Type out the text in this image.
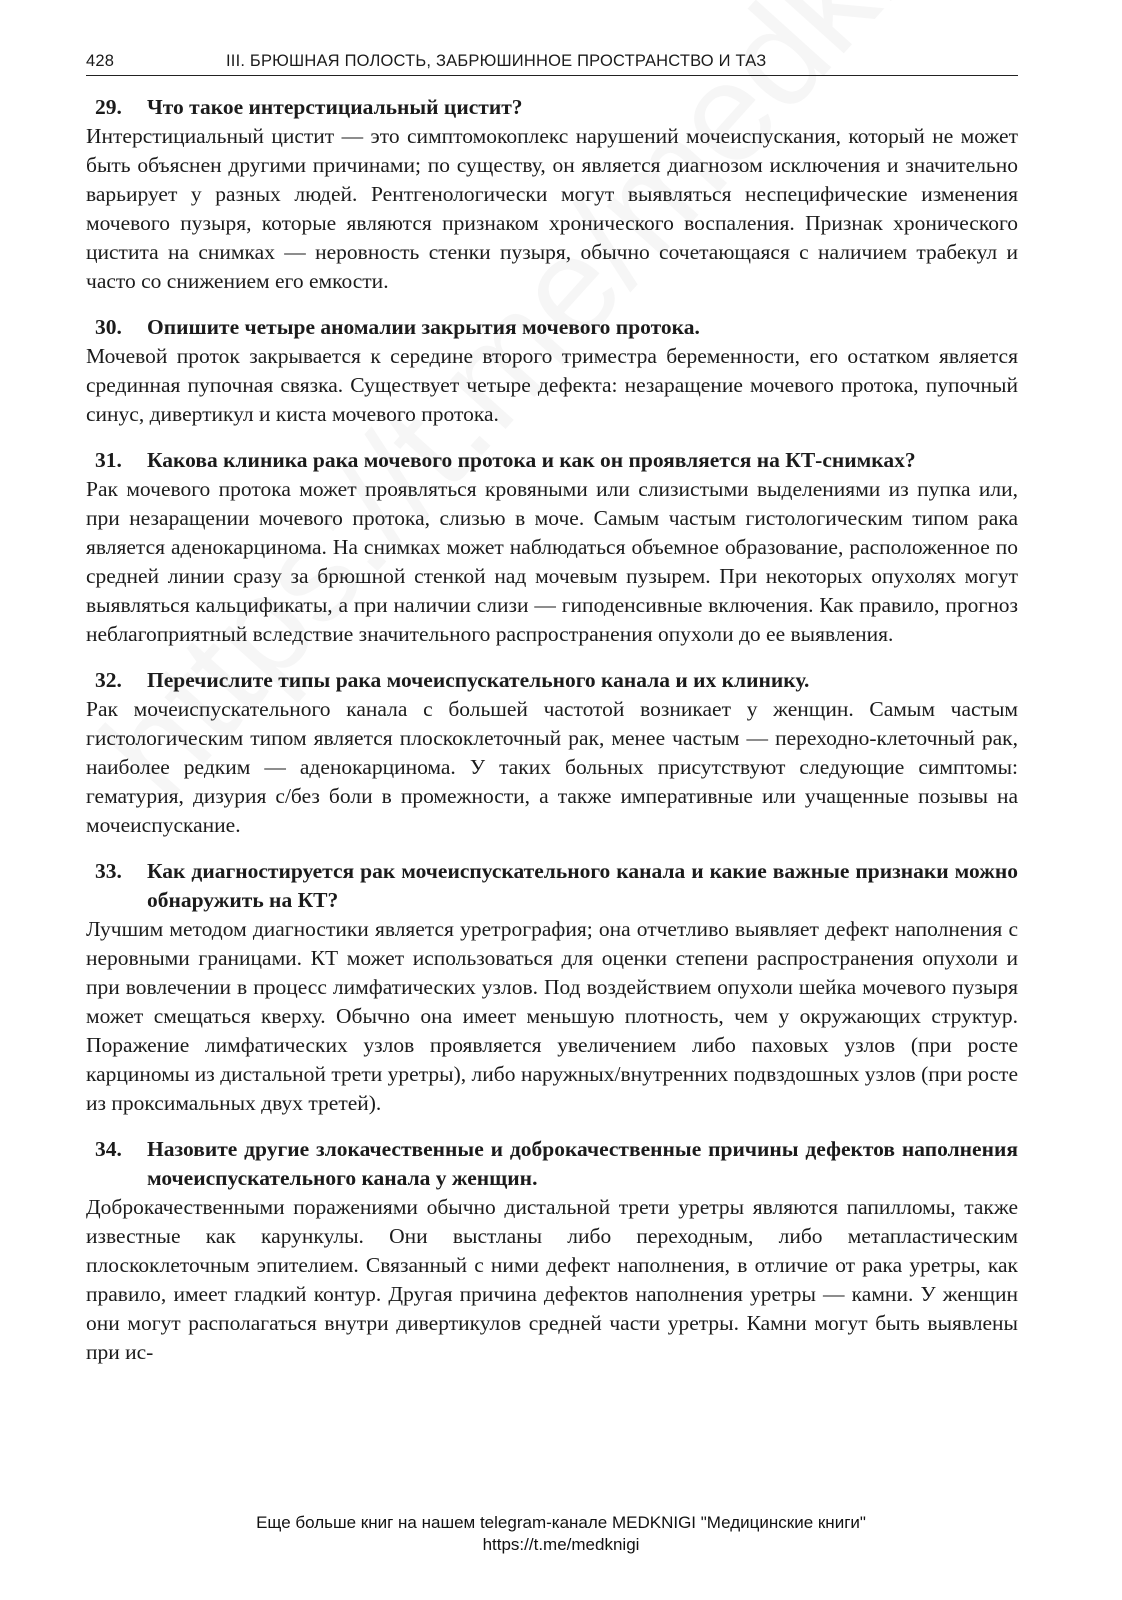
428	III. БРЮШНАЯ ПОЛОСТЬ, ЗАБРЮШИННОЕ ПРОСТРАНСТВО И ТАЗ
29.	Что такое интерстициальный цистит?
Интерстициальный цистит — это симптомокоплекс нарушений мочеиспускания, который не может быть объяснен другими причинами; по существу, он является диагнозом исключения и значительно варьирует у разных людей. Рентгенологически могут выявляться неспецифические изменения мочевого пузыря, которые являются признаком хронического воспаления. Признак хронического цистита на снимках — неровность стенки пузыря, обычно сочетающаяся с наличием трабекул и часто со снижением его емкости.
30.	Опишите четыре аномалии закрытия мочевого протока.
Мочевой проток закрывается к середине второго триместра беременности, его остатком является срединная пупочная связка. Существует четыре дефекта: незаращение мочевого протока, пупочный синус, дивертикул и киста мочевого протока.
31.	Какова клиника рака мочевого протока и как он проявляется на КТ-снимках?
Рак мочевого протока может проявляться кровяными или слизистыми выделениями из пупка или, при незаращении мочевого протока, слизью в моче. Самым частым гистологическим типом рака является аденокарцинома. На снимках может наблюдаться объемное образование, расположенное по средней линии сразу за брюшной стенкой над мочевым пузырем. При некоторых опухолях могут выявляться кальцификаты, а при наличии слизи — гиподенсивные включения. Как правило, прогноз неблагоприятный вследствие значительного распространения опухоли до ее выявления.
32.	Перечислите типы рака мочеиспускательного канала и их клинику.
Рак мочеиспускательного канала с большей частотой возникает у женщин. Самым частым гистологическим типом является плоскоклеточный рак, менее частым — переходно-клеточный рак, наиболее редким — аденокарцинома. У таких больных присутствуют следующие симптомы: гематурия, дизурия с/без боли в промежности, а также императивные или учащенные позывы на мочеиспускание.
33.	Как диагностируется рак мочеиспускательного канала и какие важные признаки можно обнаружить на КТ?
Лучшим методом диагностики является уретрография; она отчетливо выявляет дефект наполнения с неровными границами. КТ может использоваться для оценки степени распространения опухоли и при вовлечении в процесс лимфатических узлов. Под воздействием опухоли шейка мочевого пузыря может смещаться кверху. Обычно она имеет меньшую плотность, чем у окружающих структур. Поражение лимфатических узлов проявляется увеличением либо паховых узлов (при росте карциномы из дистальной трети уретры), либо наружных/внутренних подвздошных узлов (при росте из проксимальных двух третей).
34.	Назовите другие злокачественные и доброкачественные причины дефектов наполнения мочеиспускательного канала у женщин.
Доброкачественными поражениями обычно дистальной трети уретры являются папилломы, также известные как карункулы. Они выстланы либо переходным, либо метапластическим плоскоклеточным эпителием. Связанный с ними дефект наполнения, в отличие от рака уретры, как правило, имеет гладкий контур. Другая причина дефектов наполнения уретры — камни. У женщин они могут располагаться внутри дивертикулов средней части уретры. Камни могут быть выявлены при ис-
Еще больше книг на нашем telegram-канале MEDKNIGI "Медицинские книги"
https://t.me/medknigi
